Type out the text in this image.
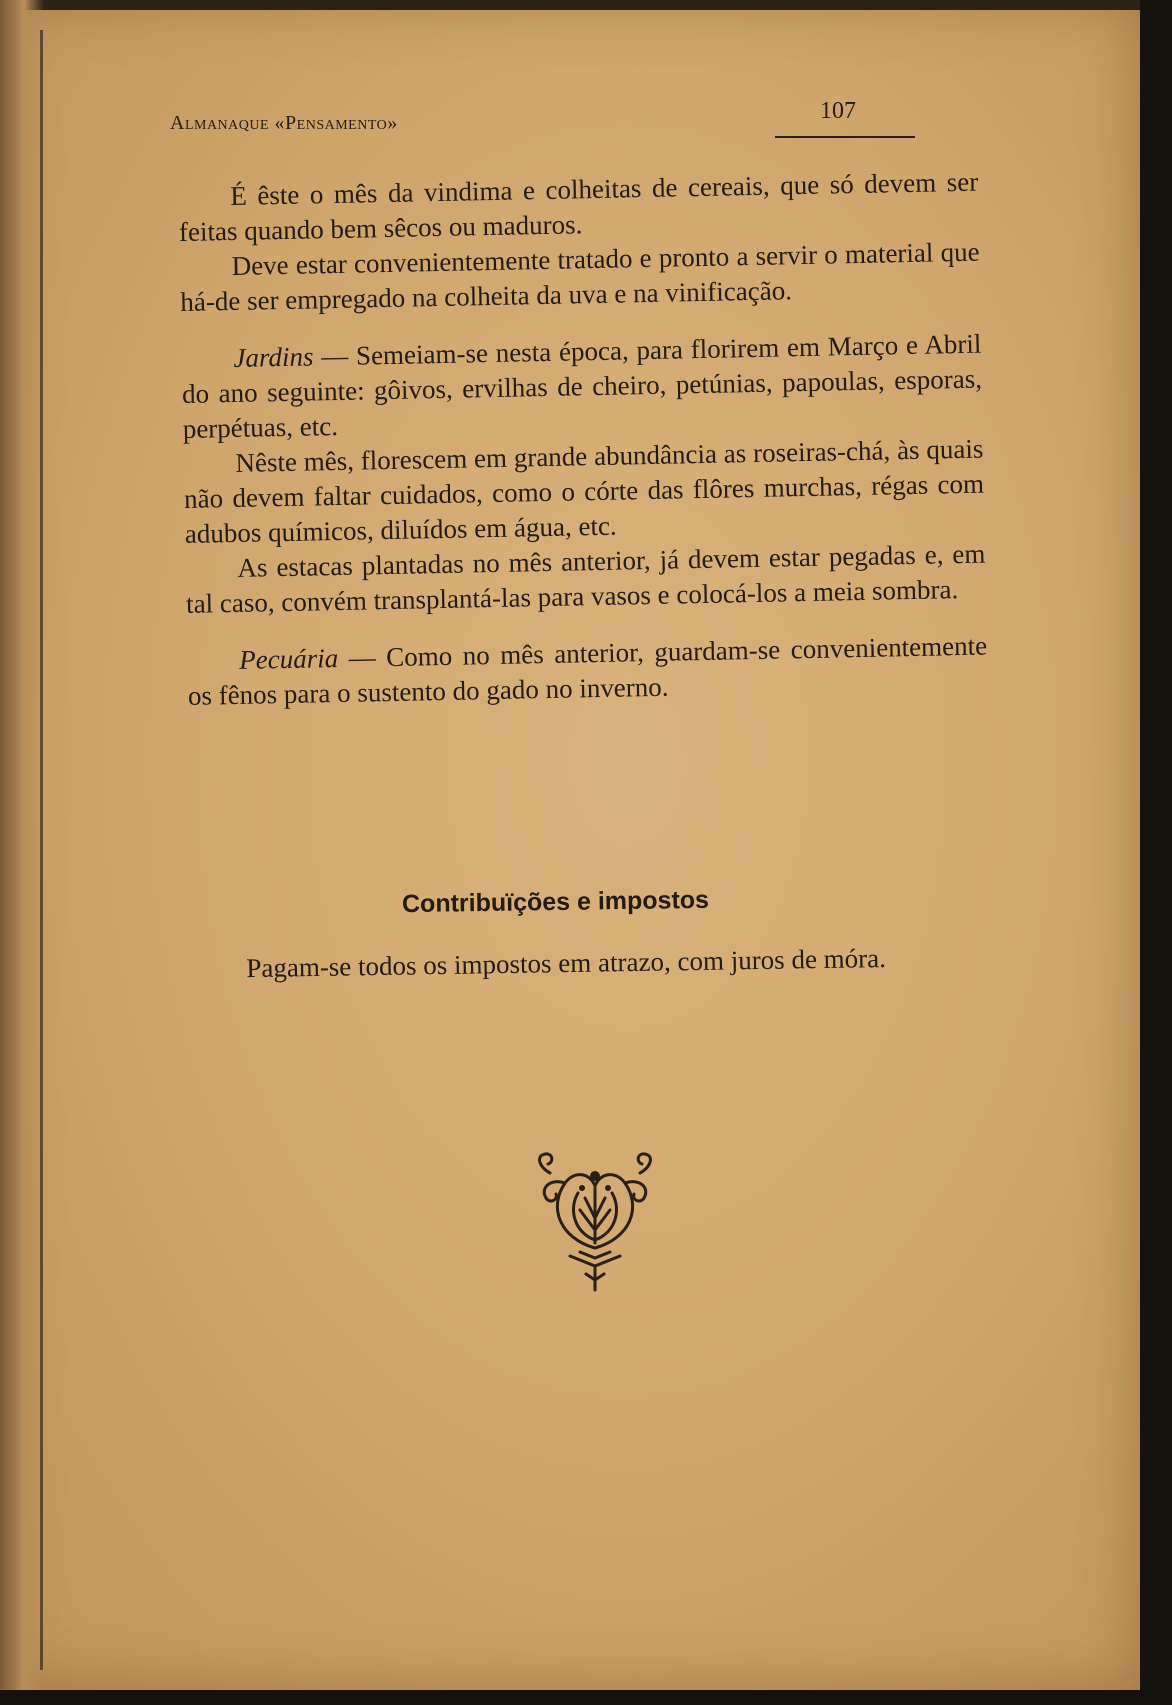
Almanaque «Pensamento»	107

É êste o mês da vindima e colheitas de cereais, que só devem ser feitas quando bem sêcos ou maduros.

Deve estar convenientemente tratado e pronto a servir o material que há-de ser empregado na colheita da uva e na vinificação.

Jardins — Semeiam-se nesta época, para florirem em Março e Abril do ano seguinte: gôivos, ervilhas de cheiro, petúnias, papoulas, esporas, perpétuas, etc.

Nêste mês, florescem em grande abundância as roseiras-chá, às quais não devem faltar cuidados, como o córte das flôres murchas, régas com adubos químicos, diluídos em água, etc.

As estacas plantadas no mês anterior, já devem estar pegadas e, em tal caso, convém transplantá-las para vasos e colocá-los a meia sombra.

Pecuária — Como no mês anterior, guardam-se convenientemente os fênos para o sustento do gado no inverno.

Contribuïções e impostos

Pagam-se todos os impostos em atrazo, com juros de móra.
